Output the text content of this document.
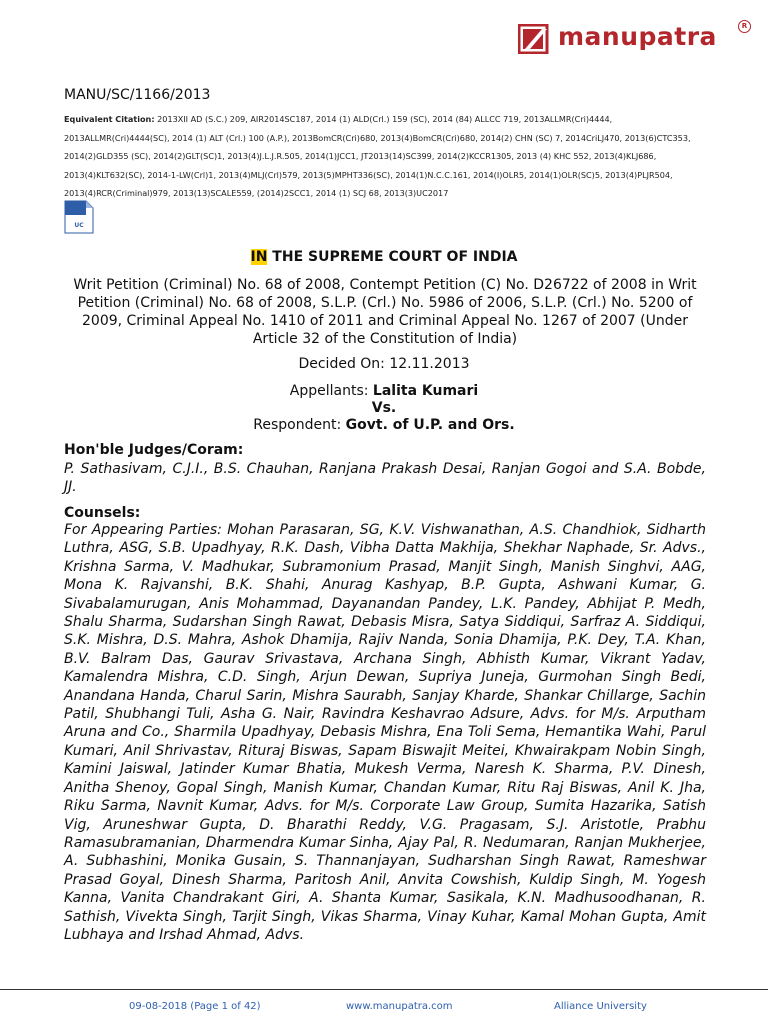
manupatra	R
MANU/SC/1166/2013
Equivalent Citation: 2013XII AD (S.C.) 209, AIR2014SC187, 2014 (1) ALD(Crl.) 159 (SC), 2014 (84) ALLCC 719, 2013ALLMR(Cri)4444, 2013ALLMR(Cri)4444(SC), 2014 (1) ALT (Crl.) 100 (A.P.), 2013BomCR(Cri)680, 2013(4)BomCR(Cri)680, 2014(2) CHN (SC) 7, 2014CriLJ470, 2013(6)CTC353, 2014(2)GLD355 (SC), 2014(2)GLT(SC)1, 2013(4)J.L.J.R.505, 2014(1)JCC1, JT2013(14)SC399, 2014(2)KCCR1305, 2013 (4) KHC 552, 2013(4)KLJ686, 2013(4)KLT632(SC), 2014-1-LW(Crl)1, 2013(4)MLJ(Crl)579, 2013(5)MPHT336(SC), 2014(1)N.C.C.161, 2014(I)OLR5, 2014(1)OLR(SC)5, 2013(4)PLJR504, 2013(4)RCR(Criminal)979, 2013(13)SCALE559, (2014)2SCC1, 2014 (1) SCJ 68, 2013(3)UC2017
UC
IN THE SUPREME COURT OF INDIA
Writ Petition (Criminal) No. 68 of 2008, Contempt Petition (C) No. D26722 of 2008 in Writ Petition (Criminal) No. 68 of 2008, S.L.P. (Crl.) No. 5986 of 2006, S.L.P. (Crl.) No. 5200 of 2009, Criminal Appeal No. 1410 of 2011 and Criminal Appeal No. 1267 of 2007 (Under Article 32 of the Constitution of India)
Decided On: 12.11.2013
Appellants: Lalita Kumari
Vs.
Respondent: Govt. of U.P. and Ors.
Hon'ble Judges/Coram:
P. Sathasivam, C.J.I., B.S. Chauhan, Ranjana Prakash Desai, Ranjan Gogoi and S.A. Bobde, JJ.
Counsels:
For Appearing Parties: Mohan Parasaran, SG, K.V. Vishwanathan, A.S. Chandhiok, Sidharth Luthra, ASG, S.B. Upadhyay, R.K. Dash, Vibha Datta Makhija, Shekhar Naphade, Sr. Advs., Krishna Sarma, V. Madhukar, Subramonium Prasad, Manjit Singh, Manish Singhvi, AAG, Mona K. Rajvanshi, B.K. Shahi, Anurag Kashyap, B.P. Gupta, Ashwani Kumar, G. Sivabalamurugan, Anis Mohammad, Dayanandan Pandey, L.K. Pandey, Abhijat P. Medh, Shalu Sharma, Sudarshan Singh Rawat, Debasis Misra, Satya Siddiqui, Sarfraz A. Siddiqui, S.K. Mishra, D.S. Mahra, Ashok Dhamija, Rajiv Nanda, Sonia Dhamija, P.K. Dey, T.A. Khan, B.V. Balram Das, Gaurav Srivastava, Archana Singh, Abhisth Kumar, Vikrant Yadav, Kamalendra Mishra, C.D. Singh, Arjun Dewan, Supriya Juneja, Gurmohan Singh Bedi, Anandana Handa, Charul Sarin, Mishra Saurabh, Sanjay Kharde, Shankar Chillarge, Sachin Patil, Shubhangi Tuli, Asha G. Nair, Ravindra Keshavrao Adsure, Advs. for M/s. Arputham Aruna and Co., Sharmila Upadhyay, Debasis Mishra, Ena Toli Sema, Hemantika Wahi, Parul Kumari, Anil Shrivastav, Rituraj Biswas, Sapam Biswajit Meitei, Khwairakpam Nobin Singh, Kamini Jaiswal, Jatinder Kumar Bhatia, Mukesh Verma, Naresh K. Sharma, P.V. Dinesh, Anitha Shenoy, Gopal Singh, Manish Kumar, Chandan Kumar, Ritu Raj Biswas, Anil K. Jha, Riku Sarma, Navnit Kumar, Advs. for M/s. Corporate Law Group, Sumita Hazarika, Satish Vig, Aruneshwar Gupta, D. Bharathi Reddy, V.G. Pragasam, S.J. Aristotle, Prabhu Ramasubramanian, Dharmendra Kumar Sinha, Ajay Pal, R. Nedumaran, Ranjan Mukherjee, A. Subhashini, Monika Gusain, S. Thannanjayan, Sudharshan Singh Rawat, Rameshwar Prasad Goyal, Dinesh Sharma, Paritosh Anil, Anvita Cowshish, Kuldip Singh, M. Yogesh Kanna, Vanita Chandrakant Giri, A. Shanta Kumar, Sasikala, K.N. Madhusoodhanan, R. Sathish, Vivekta Singh, Tarjit Singh, Vikas Sharma, Vinay Kuhar, Kamal Mohan Gupta, Amit Lubhaya and Irshad Ahmad, Advs.
09-08-2018 (Page 1 of 42)	www.manupatra.com	Alliance University
